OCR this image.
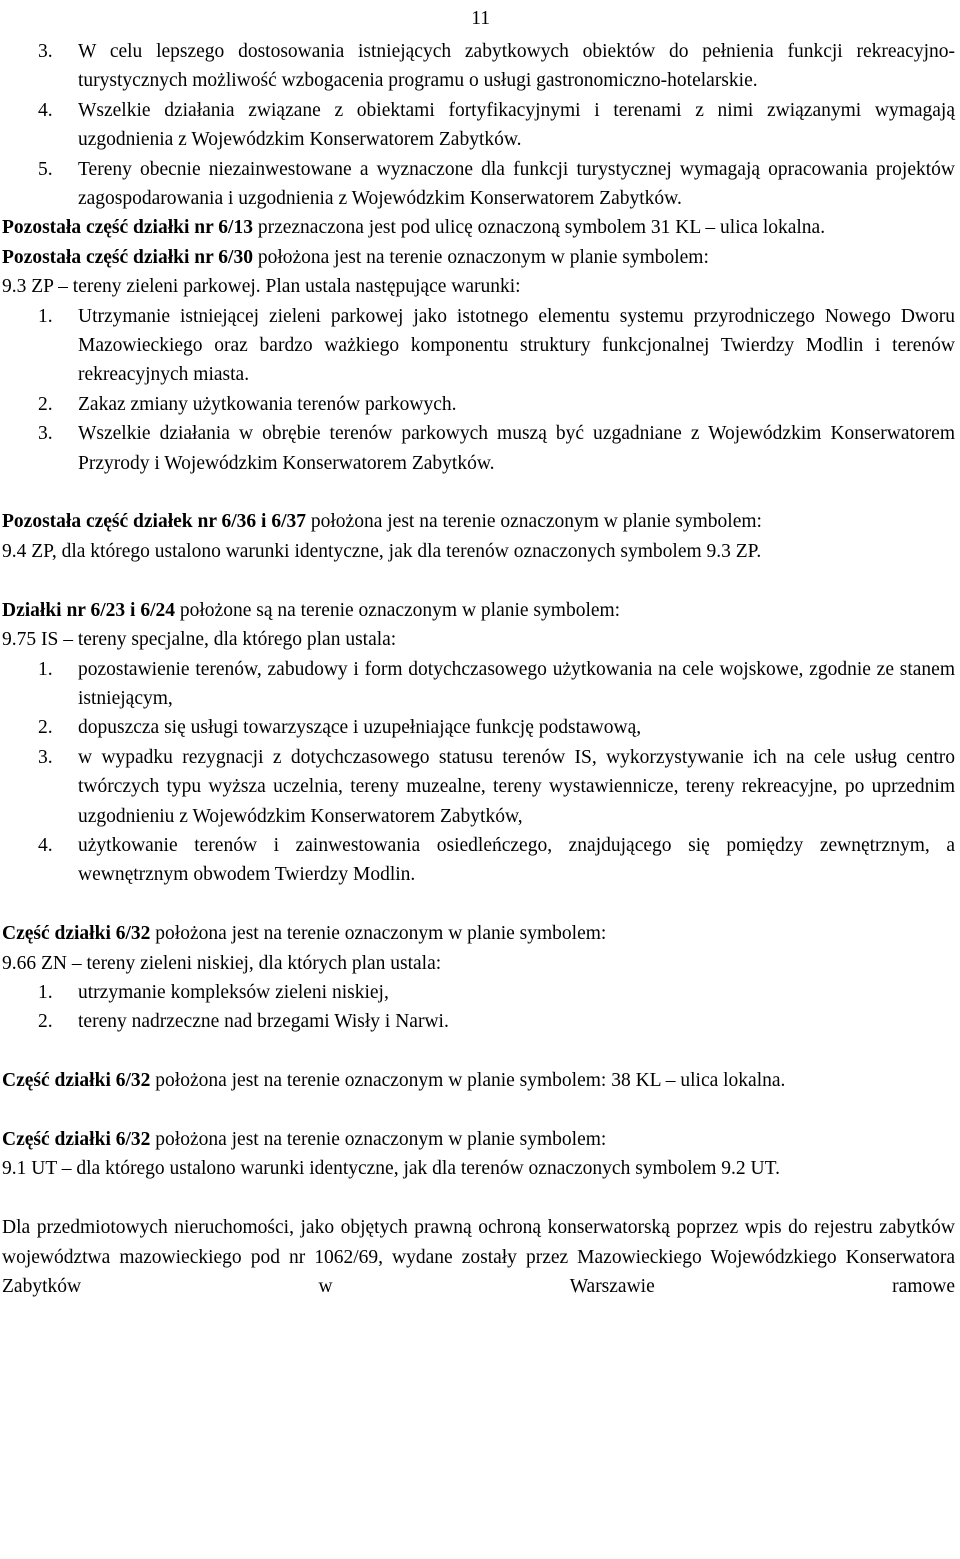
11
3.	W celu lepszego dostosowania istniejących zabytkowych obiektów do pełnienia funkcji rekreacyjno-turystycznych możliwość wzbogacenia programu o usługi gastronomiczno-hotelarskie.
4.	Wszelkie działania związane z obiektami fortyfikacyjnymi i terenami z nimi związanymi wymagają uzgodnienia z Wojewódzkim Konserwatorem Zabytków.
5.	Tereny obecnie niezainwestowane a wyznaczone dla funkcji turystycznej wymagają opracowania projektów zagospodarowania i uzgodnienia z Wojewódzkim Konserwatorem Zabytków.

Pozostała część działki nr 6/13 przeznaczona jest pod ulicę oznaczoną symbolem 31 KL – ulica lokalna.

Pozostała część działki nr 6/30 położona jest na terenie oznaczonym w planie symbolem:

9.3 ZP – tereny zieleni parkowej. Plan ustala następujące warunki:

1.	Utrzymanie istniejącej zieleni parkowej jako istotnego elementu systemu przyrodniczego Nowego Dworu Mazowieckiego oraz bardzo ważkiego komponentu struktury funkcjonalnej Twierdzy Modlin i terenów rekreacyjnych miasta.
2.	Zakaz zmiany użytkowania terenów parkowych.
3.	Wszelkie działania w obrębie terenów parkowych muszą być uzgadniane z Wojewódzkim Konserwatorem Przyrody i Wojewódzkim Konserwatorem Zabytków.

Pozostała część działek nr 6/36 i 6/37 położona jest na terenie oznaczonym w planie symbolem:

9.4 ZP, dla którego ustalono warunki identyczne, jak dla terenów oznaczonych symbolem 9.3 ZP.

Działki nr 6/23 i 6/24 położone są na terenie oznaczonym w planie symbolem:

9.75 IS – tereny specjalne, dla którego plan ustala:

1.	pozostawienie terenów, zabudowy i form dotychczasowego użytkowania na cele wojskowe, zgodnie ze stanem istniejącym,
2.	dopuszcza się usługi towarzyszące i uzupełniające funkcję podstawową,
3.	w wypadku rezygnacji z dotychczasowego statusu terenów IS, wykorzystywanie ich na cele usług centro twórczych typu wyższa uczelnia, tereny muzealne, tereny wystawiennicze, tereny rekreacyjne, po uprzednim uzgodnieniu z Wojewódzkim Konserwatorem Zabytków,
4.	użytkowanie terenów i zainwestowania osiedleńczego, znajdującego się pomiędzy zewnętrznym, a wewnętrznym obwodem Twierdzy Modlin.

Część działki 6/32 położona jest na terenie oznaczonym w planie symbolem:

9.66 ZN – tereny zieleni niskiej, dla których plan ustala:

1.	utrzymanie kompleksów zieleni niskiej,
2.	tereny nadrzeczne nad brzegami Wisły i Narwi.

Część działki 6/32 położona jest na terenie oznaczonym w planie symbolem: 38 KL – ulica lokalna.

Część działki 6/32 położona jest na terenie oznaczonym w planie symbolem:

9.1 UT – dla którego ustalono warunki identyczne, jak dla terenów oznaczonych symbolem 9.2 UT.

Dla przedmiotowych nieruchomości, jako objętych prawną ochroną konserwatorską poprzez wpis do rejestru zabytków województwa mazowieckiego pod nr 1062/69, wydane zostały przez Mazowieckiego Wojewódzkiego Konserwatora Zabytków w Warszawie ramowe
